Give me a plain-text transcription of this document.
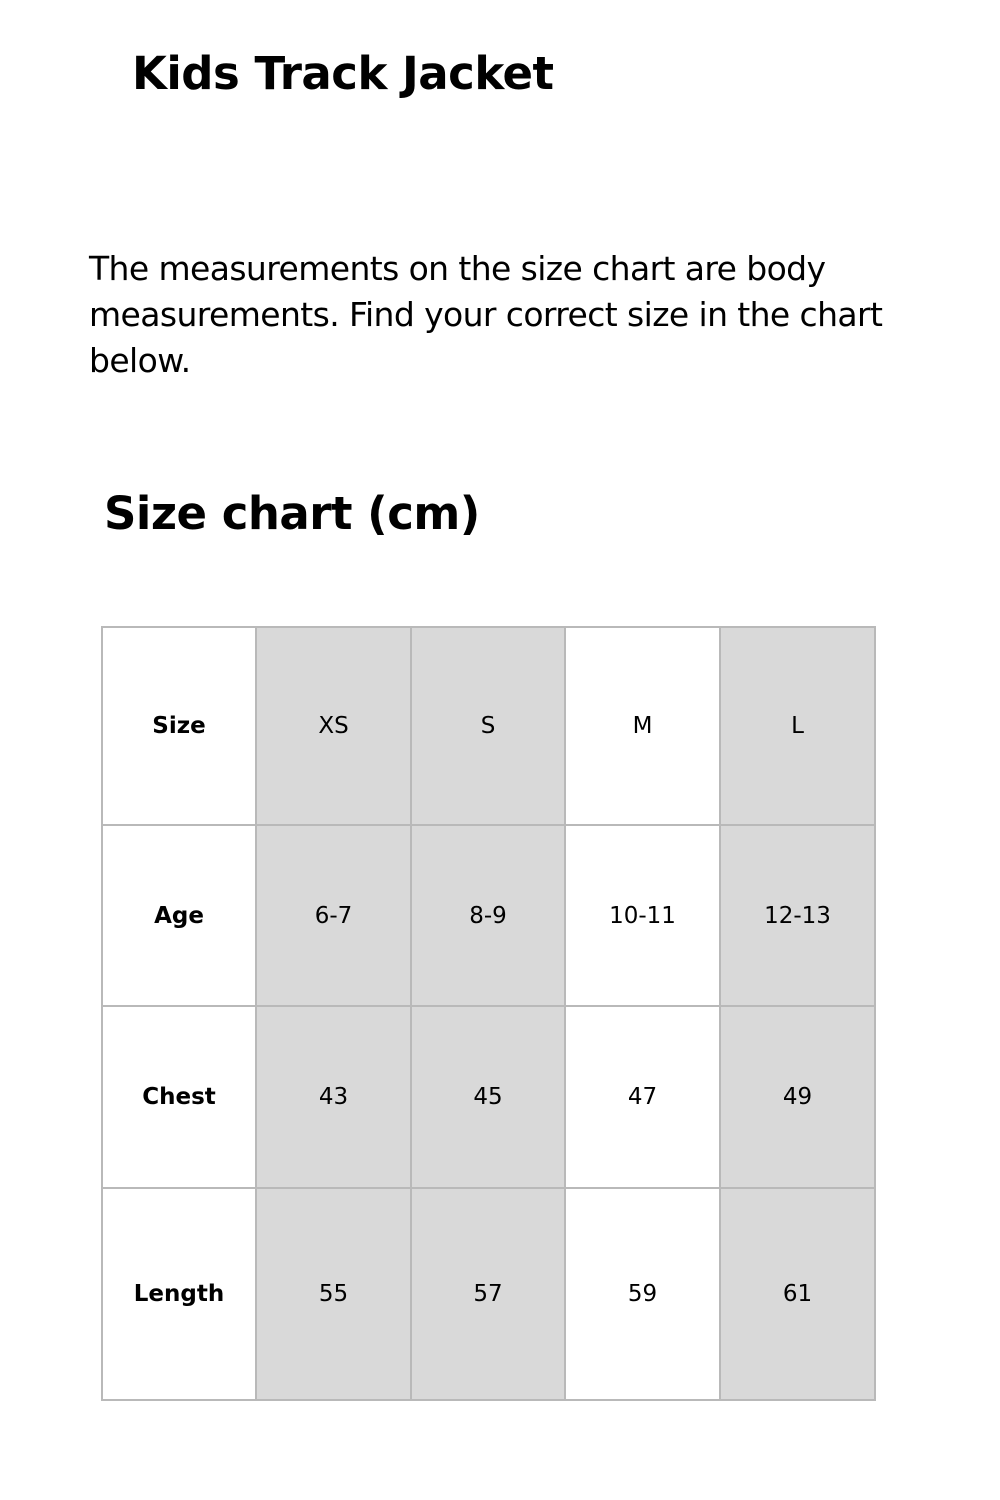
Kids Track Jacket

The measurements on the size chart are body measurements. Find your correct size in the chart below.

Size chart (cm)
Size	XS	S	M	L
Age	6-7	8-9	10-11	12-13
Chest	43	45	47	49
Length	55	57	59	61
